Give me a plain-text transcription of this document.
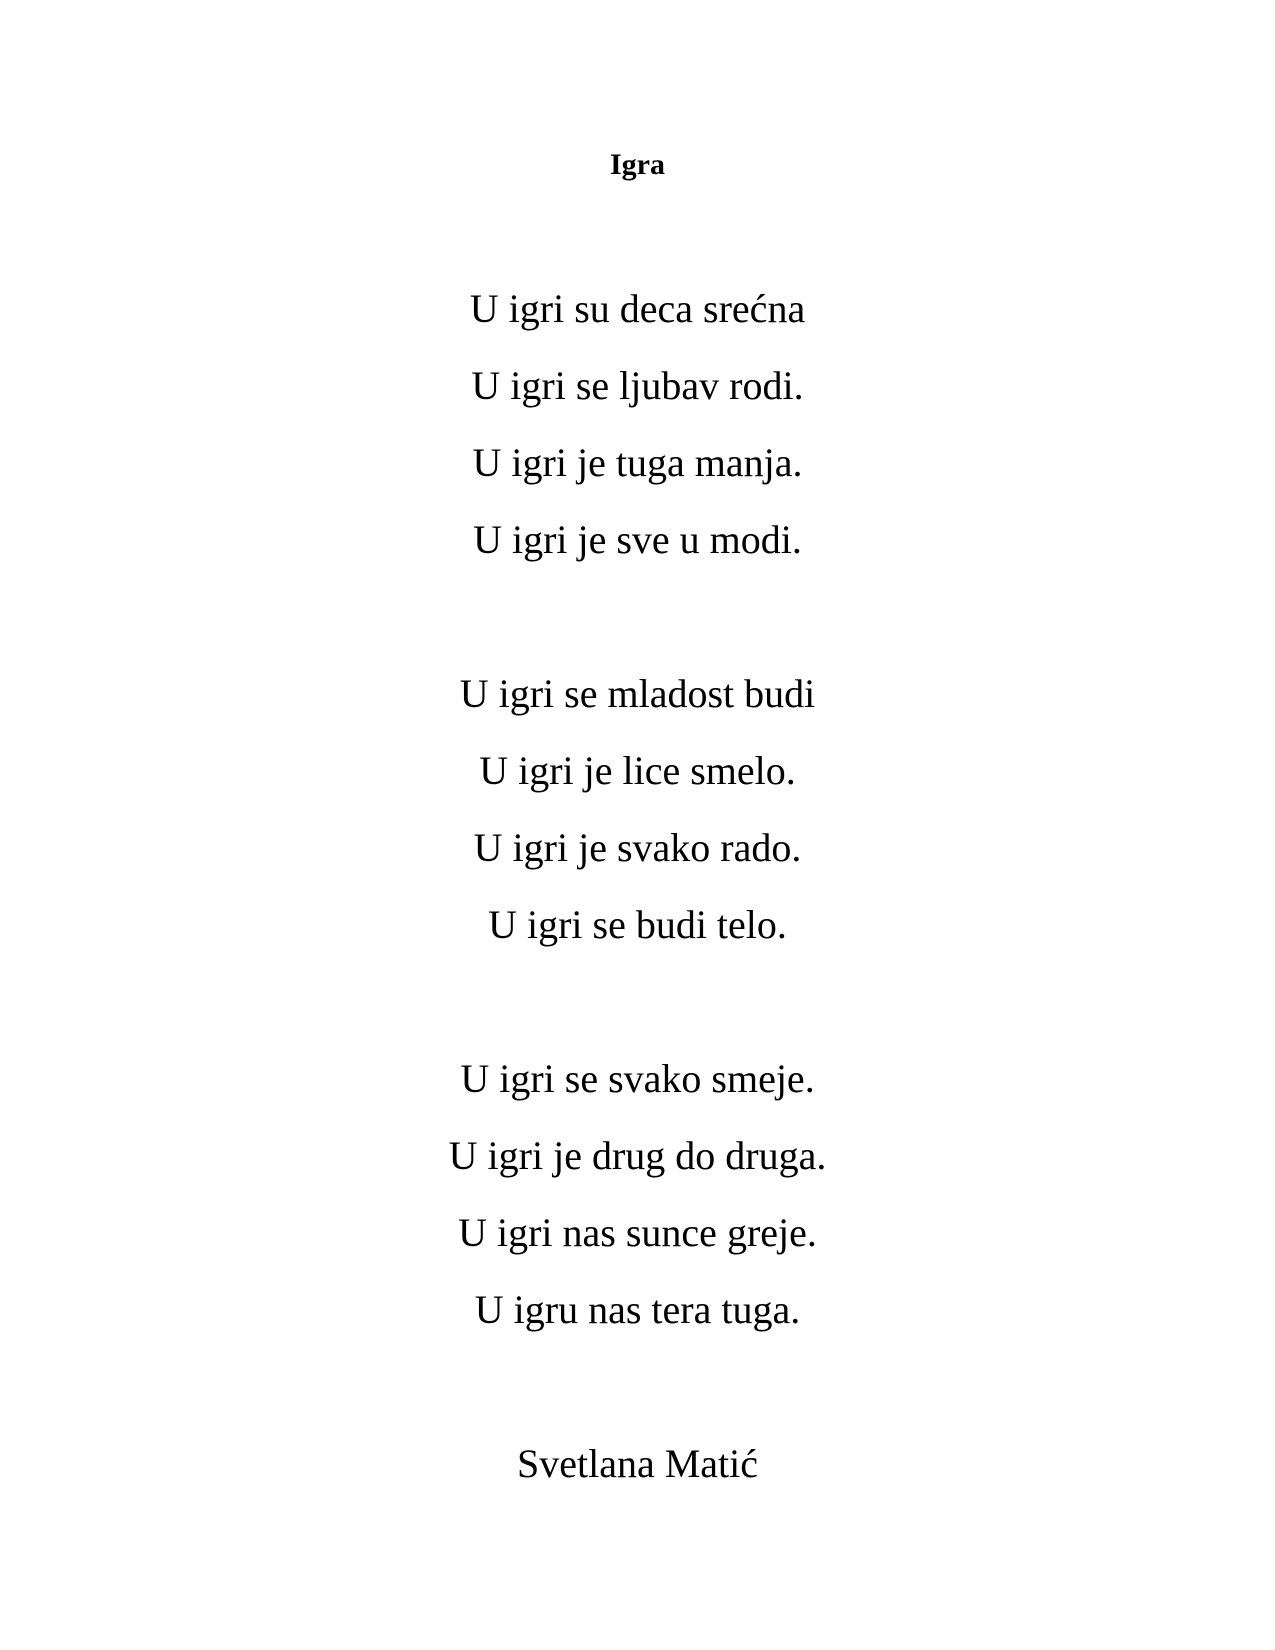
Igra
U igri su deca srećna
U igri se ljubav rodi.
U igri je tuga manja.
U igri je sve u modi.
U igri se mladost budi
U igri je lice smelo.
U igri je svako rado.
U igri se budi telo.
U igri se svako smeje.
U igri je drug do druga.
U igri nas sunce greje.
U igru nas tera tuga.
Svetlana Matić
